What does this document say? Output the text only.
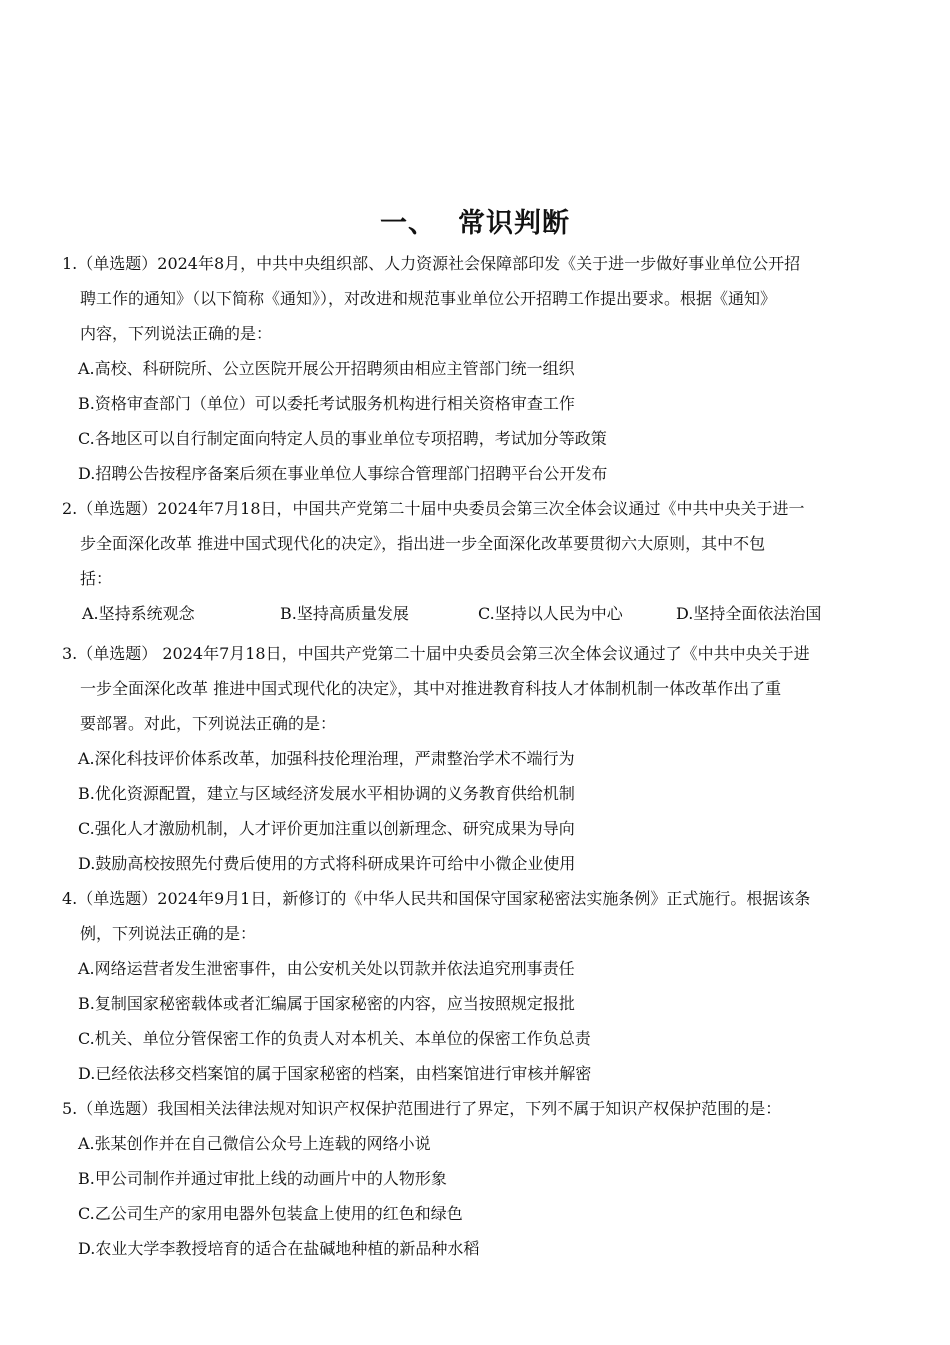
一、 常识判断
1.（单选题）2024年8月，中共中央组织部、人力资源社会保障部印发《关于进一步做好事业单位公开招
聘工作的通知》（以下简称《通知》），对改进和规范事业单位公开招聘工作提出要求。根据《通知》
内容，下列说法正确的是：
A.高校、科研院所、公立医院开展公开招聘须由相应主管部门统一组织
B.资格审查部门（单位）可以委托考试服务机构进行相关资格审查工作
C.各地区可以自行制定面向特定人员的事业单位专项招聘，考试加分等政策
D.招聘公告按程序备案后须在事业单位人事综合管理部门招聘平台公开发布
2.（单选题）2024年7月18日，中国共产党第二十届中央委员会第三次全体会议通过《中共中央关于进一
步全面深化改革 推进中国式现代化的决定》，指出进一步全面深化改革要贯彻六大原则，其中不包
括：
A.坚持系统观念	B.坚持高质量发展	C.坚持以人民为中心	D.坚持全面依法治国
3.（单选题） 2024年7月18日，中国共产党第二十届中央委员会第三次全体会议通过了《中共中央关于进
一步全面深化改革 推进中国式现代化的决定》，其中对推进教育科技人才体制机制一体改革作出了重
要部署。对此，下列说法正确的是：
A.深化科技评价体系改革，加强科技伦理治理，严肃整治学术不端行为
B.优化资源配置，建立与区域经济发展水平相协调的义务教育供给机制
C.强化人才激励机制，人才评价更加注重以创新理念、研究成果为导向
D.鼓励高校按照先付费后使用的方式将科研成果许可给中小微企业使用
4.（单选题）2024年9月1日，新修订的《中华人民共和国保守国家秘密法实施条例》正式施行。根据该条
例，下列说法正确的是：
A.网络运营者发生泄密事件，由公安机关处以罚款并依法追究刑事责任
B.复制国家秘密载体或者汇编属于国家秘密的内容，应当按照规定报批
C.机关、单位分管保密工作的负责人对本机关、本单位的保密工作负总责
D.已经依法移交档案馆的属于国家秘密的档案，由档案馆进行审核并解密
5.（单选题）我国相关法律法规对知识产权保护范围进行了界定，下列不属于知识产权保护范围的是：
A.张某创作并在自己微信公众号上连载的网络小说
B.甲公司制作并通过审批上线的动画片中的人物形象
C.乙公司生产的家用电器外包装盒上使用的红色和绿色
D.农业大学李教授培育的适合在盐碱地种植的新品种水稻
